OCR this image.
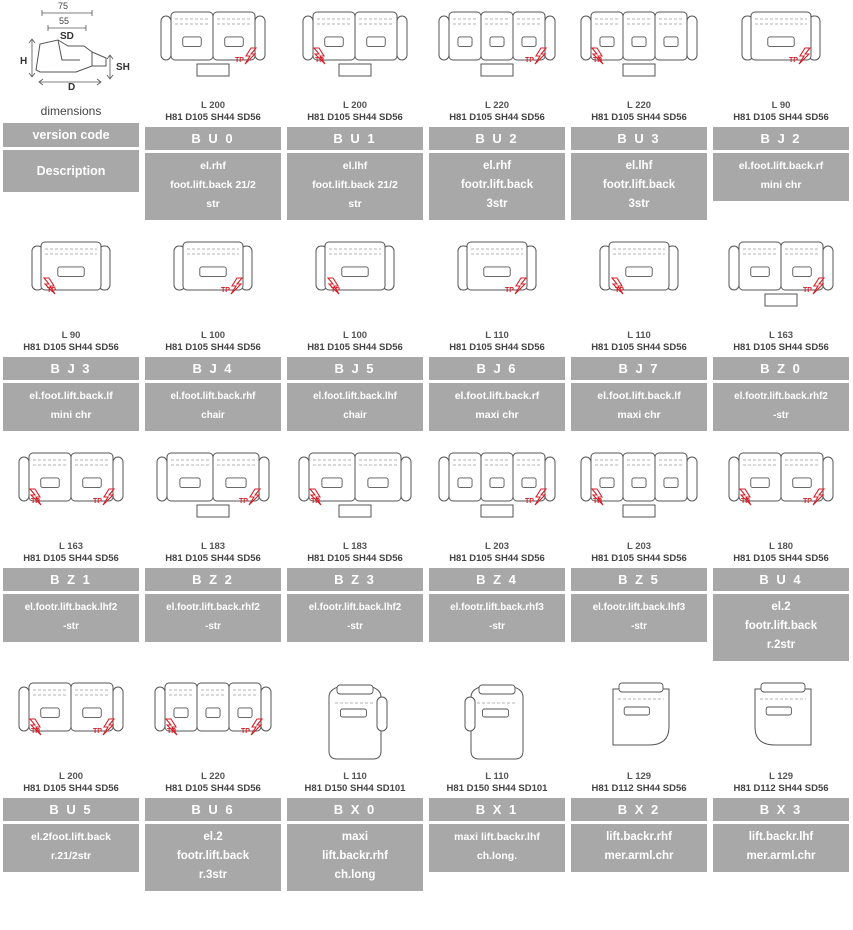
75
55
SD
H
SH
D
dimensions
version code
Description
TP
L 200
H81 D105 SH44 SD56
B U 0
el.rhf
foot.lift.back 21/2
str
TP
L 200
H81 D105 SH44 SD56
B U 1
el.lhf
foot.lift.back 21/2
str
TP
L 220
H81 D105 SH44 SD56
B U 2
el.rhf
footr.lift.back
3str
TP
L 220
H81 D105 SH44 SD56
B U 3
el.lhf
footr.lift.back
3str
TP
L 90
H81 D105 SH44 SD56
B J 2
el.foot.lift.back.rf
mini chr
TP
L 90
H81 D105 SH44 SD56
B J 3
el.foot.lift.back.lf
mini chr
TP
L 100
H81 D105 SH44 SD56
B J 4
el.foot.lift.back.rhf
chair
TP
L 100
H81 D105 SH44 SD56
B J 5
el.foot.lift.back.lhf
chair
TP
L 110
H81 D105 SH44 SD56
B J 6
el.foot.lift.back.rf
maxi chr
TP
L 110
H81 D105 SH44 SD56
B J 7
el.foot.lift.back.lf
maxi chr
TP
L 163
H81 D105 SH44 SD56
B Z 0
el.footr.lift.back.rhf2
-str
TP
TP
L 163
H81 D105 SH44 SD56
B Z 1
el.footr.lift.back.lhf2
-str
TP
L 183
H81 D105 SH44 SD56
B Z 2
el.footr.lift.back.rhf2
-str
TP
L 183
H81 D105 SH44 SD56
B Z 3
el.footr.lift.back.lhf2
-str
TP
L 203
H81 D105 SH44 SD56
B Z 4
el.footr.lift.back.rhf3
-str
TP
L 203
H81 D105 SH44 SD56
B Z 5
el.footr.lift.back.lhf3
-str
TP
TP
L 180
H81 D105 SH44 SD56
B U 4
el.2
footr.lift.back
r.2str
TP
TP
L 200
H81 D105 SH44 SD56
B U 5
el.2foot.lift.back
r.21/2str
TP
TP
L 220
H81 D105 SH44 SD56
B U 6
el.2
footr.lift.back
r.3str
L 110
H81 D150 SH44 SD101
B X 0
maxi
lift.backr.rhf
ch.long
L 110
H81 D150 SH44 SD101
B X 1
maxi lift.backr.lhf
ch.long.
L 129
H81 D112 SH44 SD56
B X 2
lift.backr.rhf
mer.arml.chr
L 129
H81 D112 SH44 SD56
B X 3
lift.backr.lhf
mer.arml.chr
